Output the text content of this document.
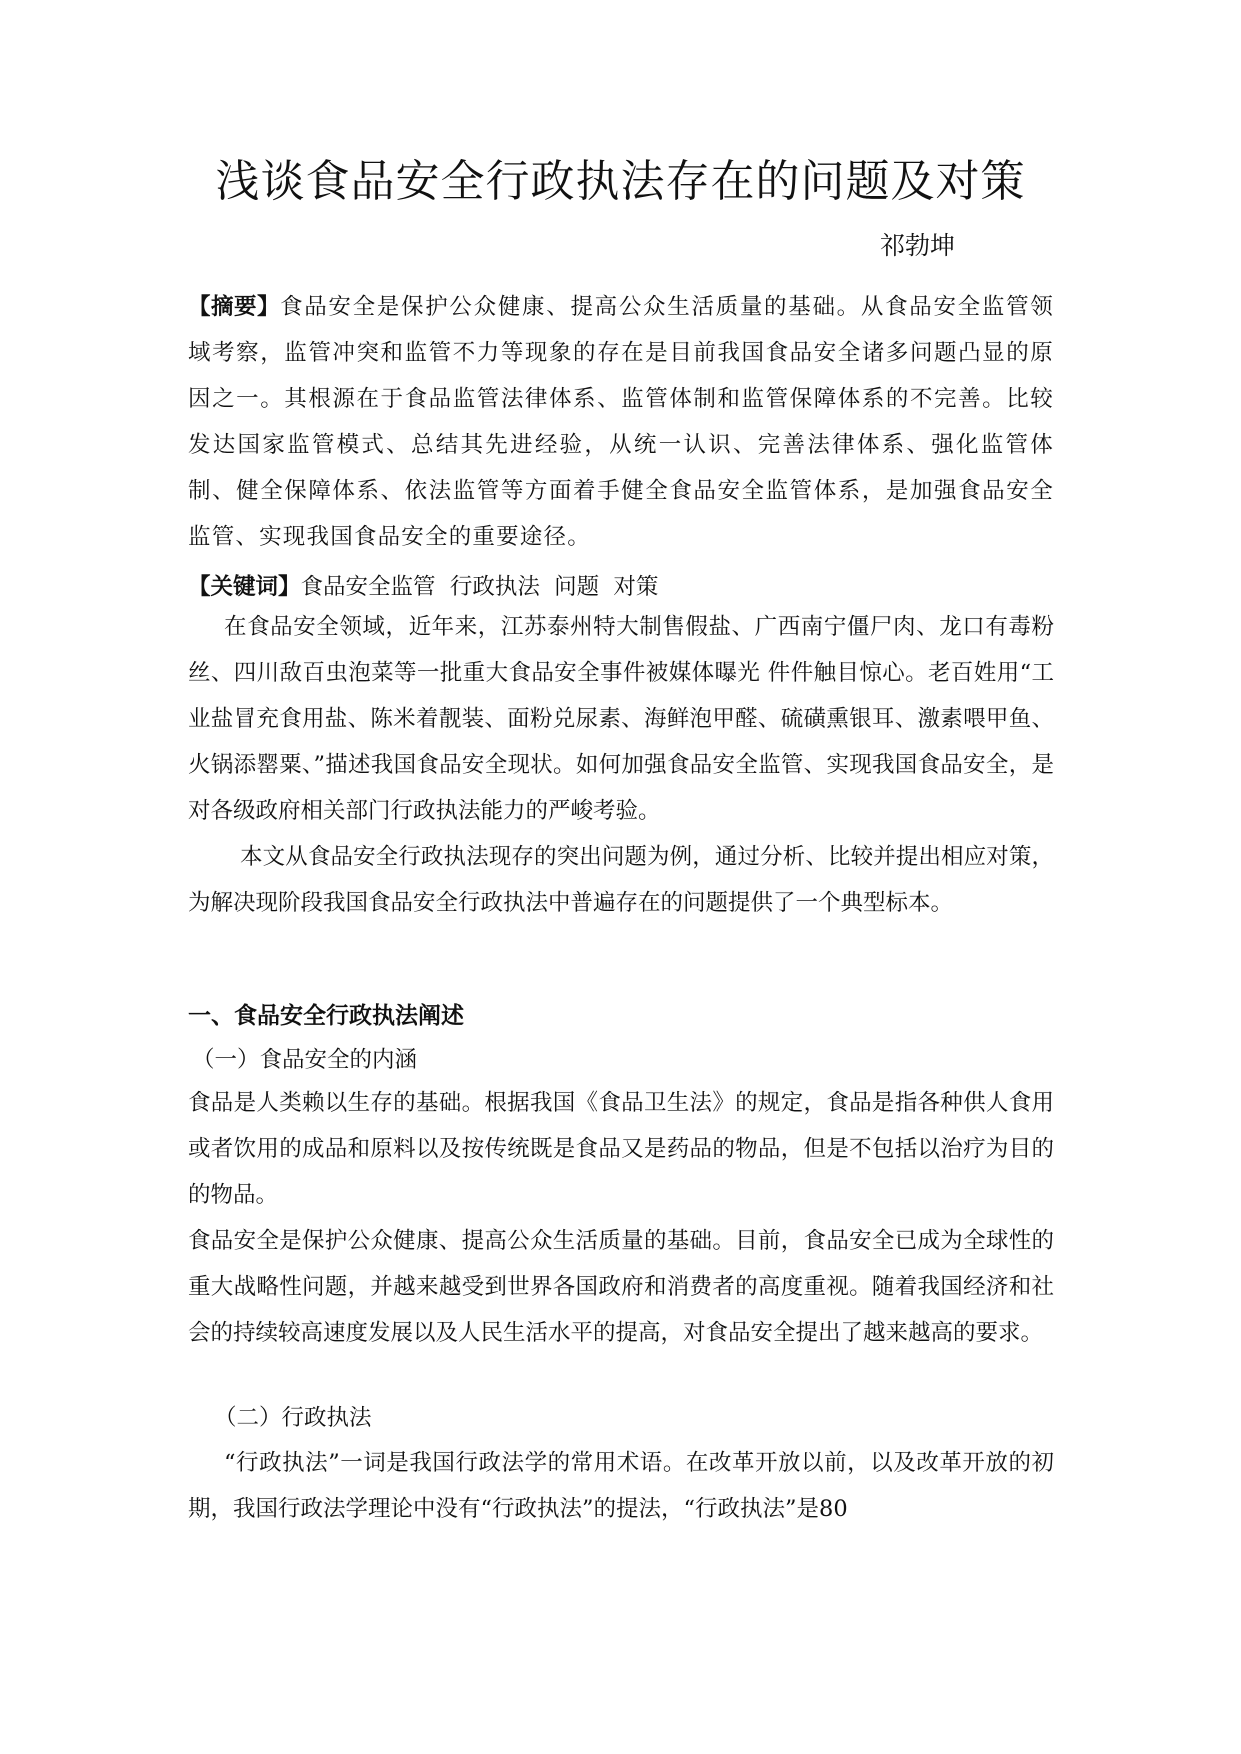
浅谈食品安全行政执法存在的问题及对策
祁勃坤

【摘要】食品安全是保护公众健康、提高公众生活质量的基础。从食品安全监管领域考察，监管冲突和监管不力等现象的存在是目前我国食品安全诸多问题凸显的原因之一。其根源在于食品监管法律体系、监管体制和监管保障体系的不完善。比较发达国家监管模式、总结其先进经验，从统一认识、完善法律体系、强化监管体制、健全保障体系、依法监管等方面着手健全食品安全监管体系，是加强食品安全监管、实现我国食品安全的重要途径。

【关键词】食品安全监管  行政执法  问题  对策

在食品安全领域，近年来，江苏泰州特大制售假盐、广西南宁僵尸肉、龙口有毒粉丝、四川敌百虫泡菜等一批重大食品安全事件被媒体曝光 件件触目惊心。老百姓用“工业盐冒充食用盐、陈米着靓装、面粉兑尿素、海鲜泡甲醛、硫磺熏银耳、激素喂甲鱼、火锅添罂粟、”描述我国食品安全现状。如何加强食品安全监管、实现我国食品安全，是对各级政府相关部门行政执法能力的严峻考验。

本文从食品安全行政执法现存的突出问题为例，通过分析、比较并提出相应对策，为解决现阶段我国食品安全行政执法中普遍存在的问题提供了一个典型标本。

一、食品安全行政执法阐述
（一）食品安全的内涵

食品是人类赖以生存的基础。根据我国《食品卫生法》的规定，食品是指各种供人食用或者饮用的成品和原料以及按传统既是食品又是药品的物品，但是不包括以治疗为目的的物品。

食品安全是保护公众健康、提高公众生活质量的基础。目前，食品安全已成为全球性的重大战略性问题，并越来越受到世界各国政府和消费者的高度重视。随着我国经济和社会的持续较高速度发展以及人民生活水平的提高，对食品安全提出了越来越高的要求。

（二）行政执法

“行政执法”一词是我国行政法学的常用术语。在改革开放以前，以及改革开放的初期，我国行政法学理论中没有“行政执法”的提法，“行政执法”是80
